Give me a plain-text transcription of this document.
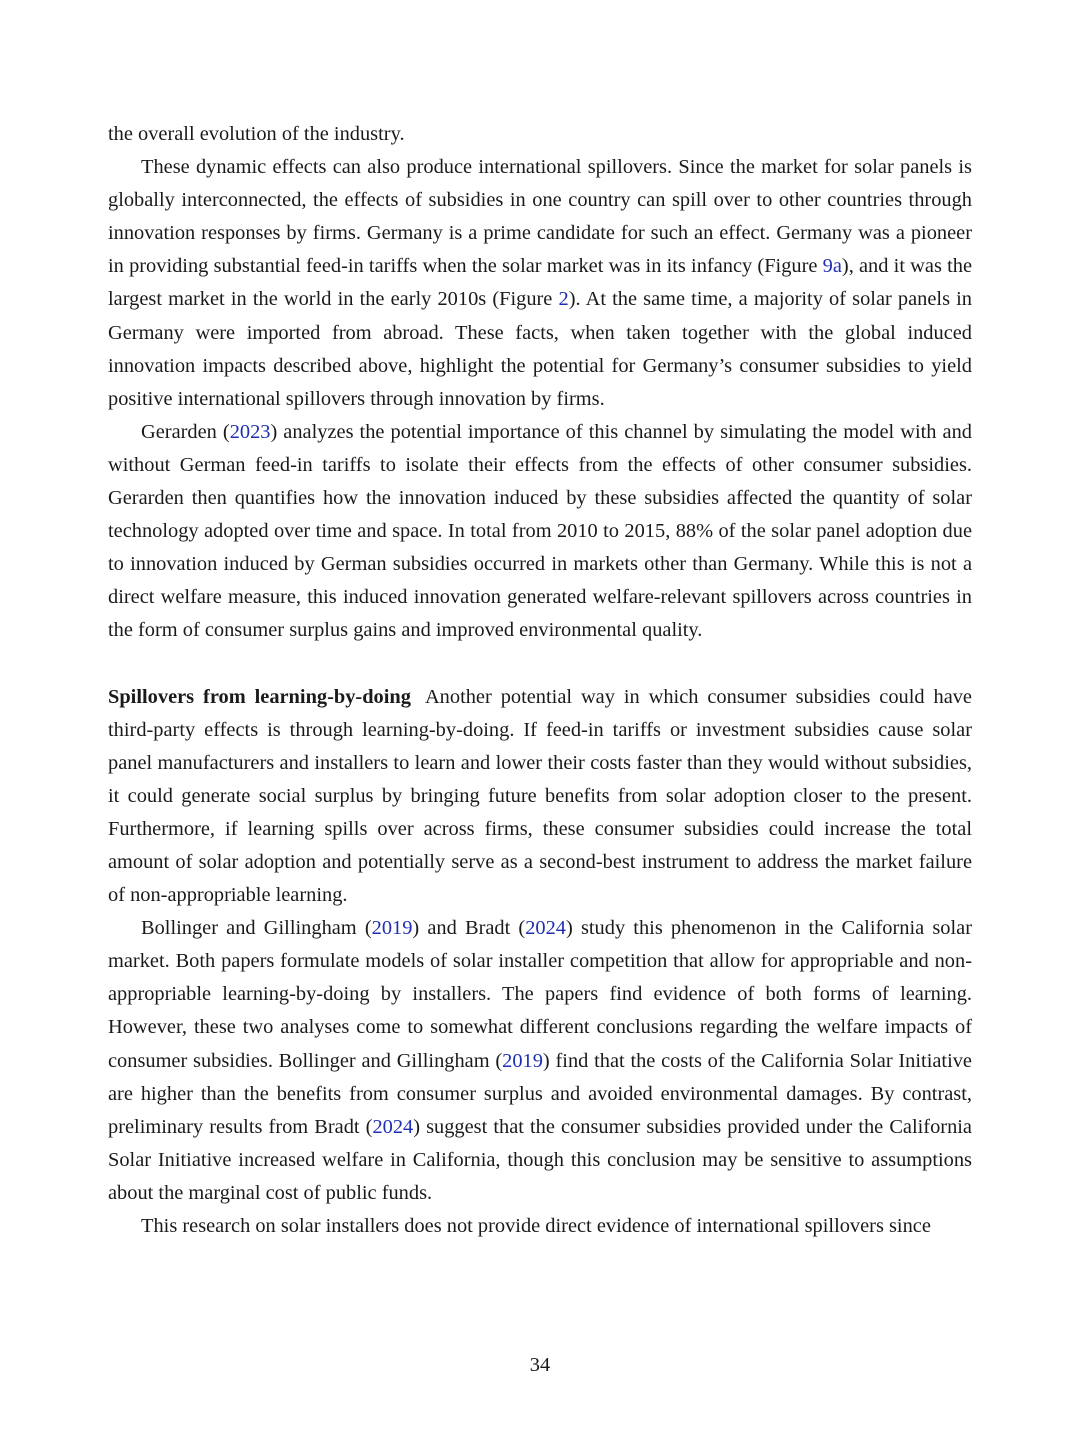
the overall evolution of the industry.

These dynamic effects can also produce international spillovers. Since the market for solar panels is globally interconnected, the effects of subsidies in one country can spill over to other countries through innovation responses by firms. Germany is a prime candidate for such an effect. Germany was a pioneer in providing substantial feed-in tariffs when the solar market was in its infancy (Figure 9a), and it was the largest market in the world in the early 2010s (Figure 2). At the same time, a majority of solar panels in Germany were imported from abroad. These facts, when taken together with the global induced innovation impacts described above, highlight the potential for Germany’s consumer subsidies to yield positive international spillovers through innovation by firms.

Gerarden (2023) analyzes the potential importance of this channel by simulating the model with and without German feed-in tariffs to isolate their effects from the effects of other consumer subsidies. Gerarden then quantifies how the innovation induced by these subsidies affected the quantity of solar technology adopted over time and space. In total from 2010 to 2015, 88% of the solar panel adoption due to innovation induced by German subsidies occurred in markets other than Germany. While this is not a direct welfare measure, this induced innovation generated welfare-relevant spillovers across countries in the form of consumer surplus gains and improved environmental quality.

Spillovers from learning-by-doing Another potential way in which consumer subsidies could have third-party effects is through learning-by-doing. If feed-in tariffs or investment subsidies cause solar panel manufacturers and installers to learn and lower their costs faster than they would without subsidies, it could generate social surplus by bringing future benefits from solar adoption closer to the present. Furthermore, if learning spills over across firms, these consumer subsidies could increase the total amount of solar adoption and potentially serve as a second-best instrument to address the market failure of non-appropriable learning.

Bollinger and Gillingham (2019) and Bradt (2024) study this phenomenon in the California solar market. Both papers formulate models of solar installer competition that allow for appropriable and non-appropriable learning-by-doing by installers. The papers find evidence of both forms of learning. However, these two analyses come to somewhat different conclusions regarding the welfare impacts of consumer subsidies. Bollinger and Gillingham (2019) find that the costs of the California Solar Initiative are higher than the benefits from consumer surplus and avoided environmental damages. By contrast, preliminary results from Bradt (2024) suggest that the consumer subsidies provided under the California Solar Initiative increased welfare in California, though this conclusion may be sensitive to assumptions about the marginal cost of public funds.

This research on solar installers does not provide direct evidence of international spillovers since

34
